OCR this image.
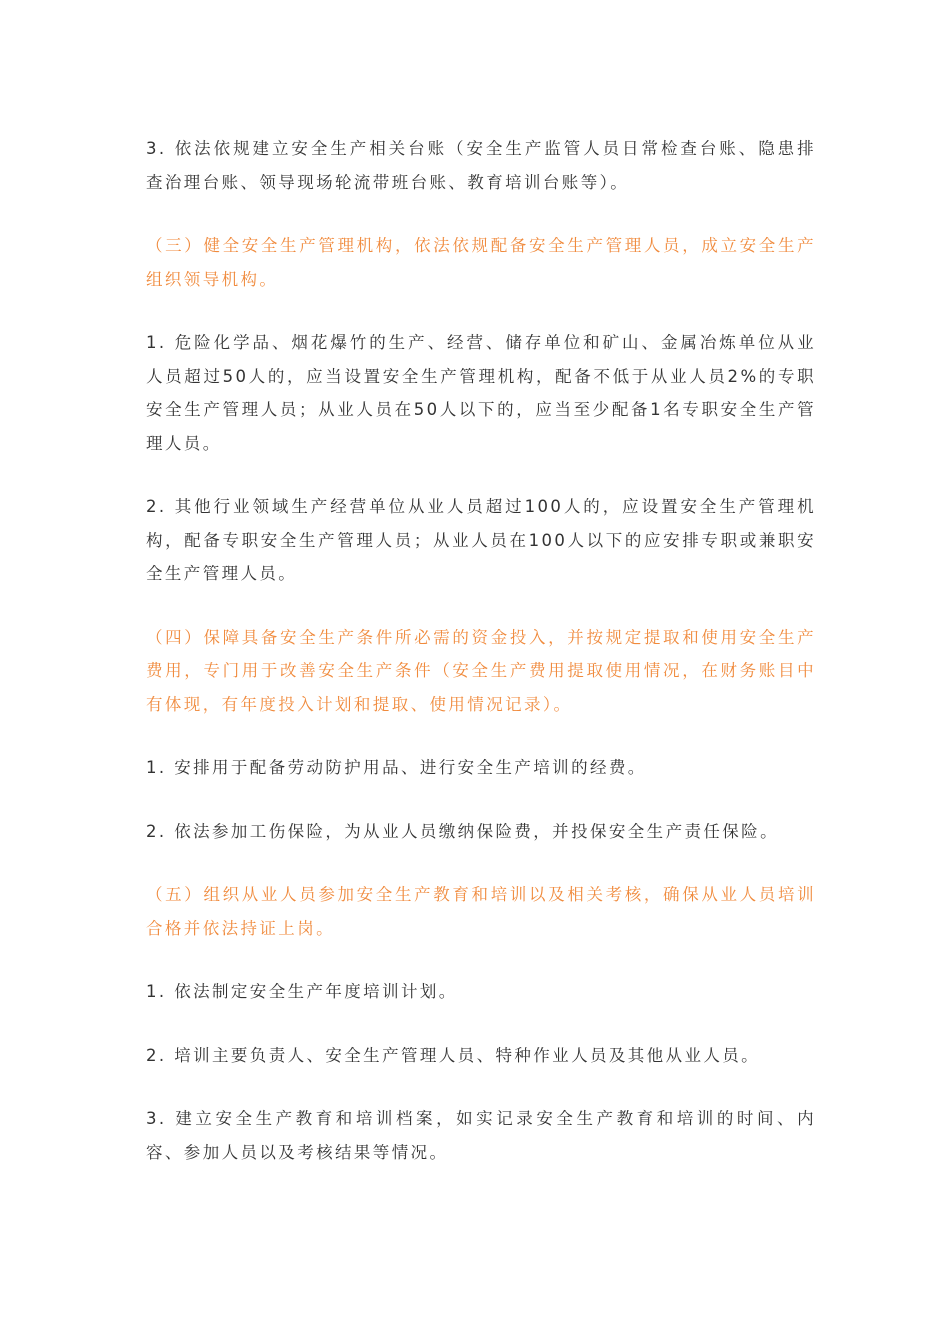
3. 依法依规建立安全生产相关台账（安全生产监管人员日常检查台账、隐患排查治理台账、领导现场轮流带班台账、教育培训台账等）。

（三）健全安全生产管理机构，依法依规配备安全生产管理人员，成立安全生产组织领导机构。

1. 危险化学品、烟花爆竹的生产、经营、储存单位和矿山、金属冶炼单位从业人员超过50人的，应当设置安全生产管理机构，配备不低于从业人员2%的专职安全生产管理人员；从业人员在50人以下的，应当至少配备1名专职安全生产管理人员。

2. 其他行业领域生产经营单位从业人员超过100人的，应设置安全生产管理机构，配备专职安全生产管理人员；从业人员在100人以下的应安排专职或兼职安全生产管理人员。

（四）保障具备安全生产条件所必需的资金投入，并按规定提取和使用安全生产费用，专门用于改善安全生产条件（安全生产费用提取使用情况，在财务账目中有体现，有年度投入计划和提取、使用情况记录）。

1. 安排用于配备劳动防护用品、进行安全生产培训的经费。

2. 依法参加工伤保险，为从业人员缴纳保险费，并投保安全生产责任保险。

（五）组织从业人员参加安全生产教育和培训以及相关考核，确保从业人员培训合格并依法持证上岗。

1. 依法制定安全生产年度培训计划。

2. 培训主要负责人、安全生产管理人员、特种作业人员及其他从业人员。

3. 建立安全生产教育和培训档案，如实记录安全生产教育和培训的时间、内容、参加人员以及考核结果等情况。
